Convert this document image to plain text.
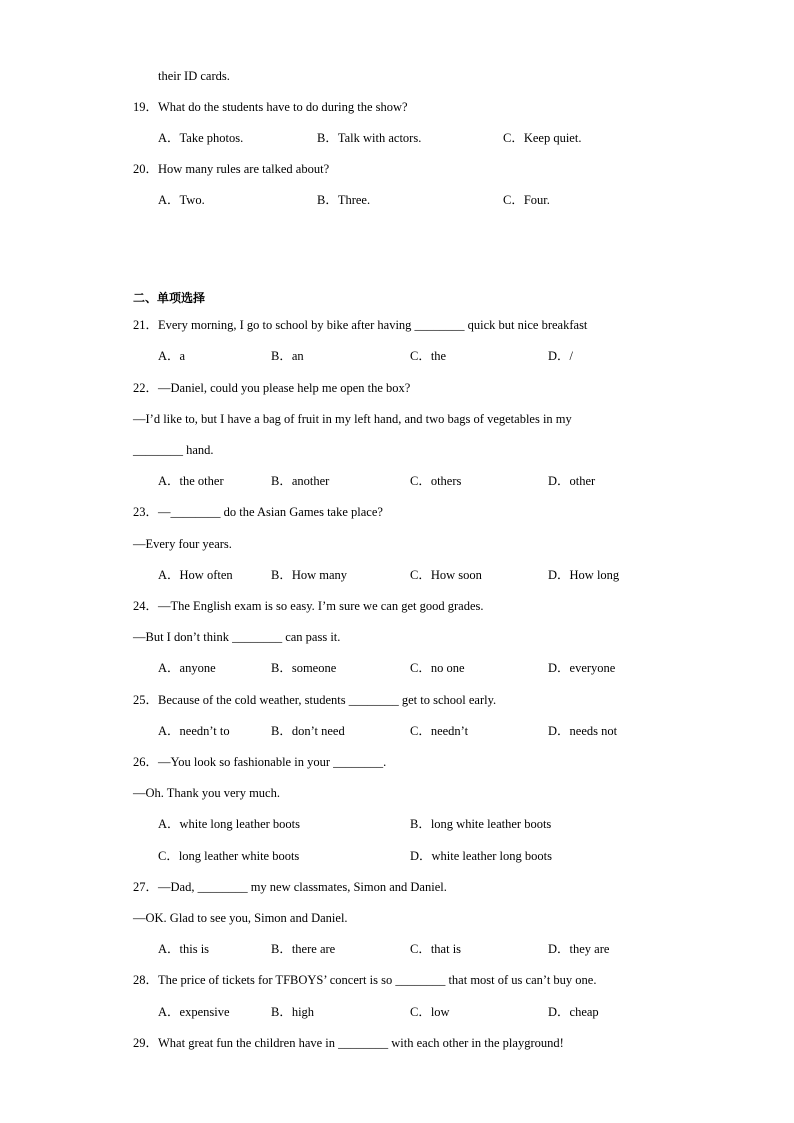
their ID cards.
19．What do the students have to do during the show?
A．Take photos.	B．Talk with actors.	C．Keep quiet.
20．How many rules are talked about?
A．Two.	B．Three.	C．Four.
二、单项选择
21．Every morning, I go to school by bike after having ________ quick but nice breakfast
A．a	B．an	C．the	D．/
22．—Daniel, could you please help me open the box?
—I’d like to, but I have a bag of fruit in my left hand, and two bags of vegetables in my
________ hand.
A．the other	B．another	C．others	D．other
23．—________ do the Asian Games take place?
—Every four years.
A．How often	B．How many	C．How soon	D．How long
24．—The English exam is so easy. I’m sure we can get good grades.
—But I don’t think ________ can pass it.
A．anyone	B．someone	C．no one	D．everyone
25．Because of the cold weather, students ________ get to school early.
A．needn’t to	B．don’t need	C．needn’t	D．needs not
26．—You look so fashionable in your ________.
—Oh. Thank you very much.
A．white long leather boots	B．long white leather boots
C．long leather white boots	D．white leather long boots
27．—Dad, ________ my new classmates, Simon and Daniel.
—OK. Glad to see you, Simon and Daniel.
A．this is	B．there are	C．that is	D．they are
28．The price of tickets for TFBOYS’ concert is so ________ that most of us can’t buy one.
A．expensive	B．high	C．low	D．cheap
29．What great fun the children have in ________ with each other in the playground!
